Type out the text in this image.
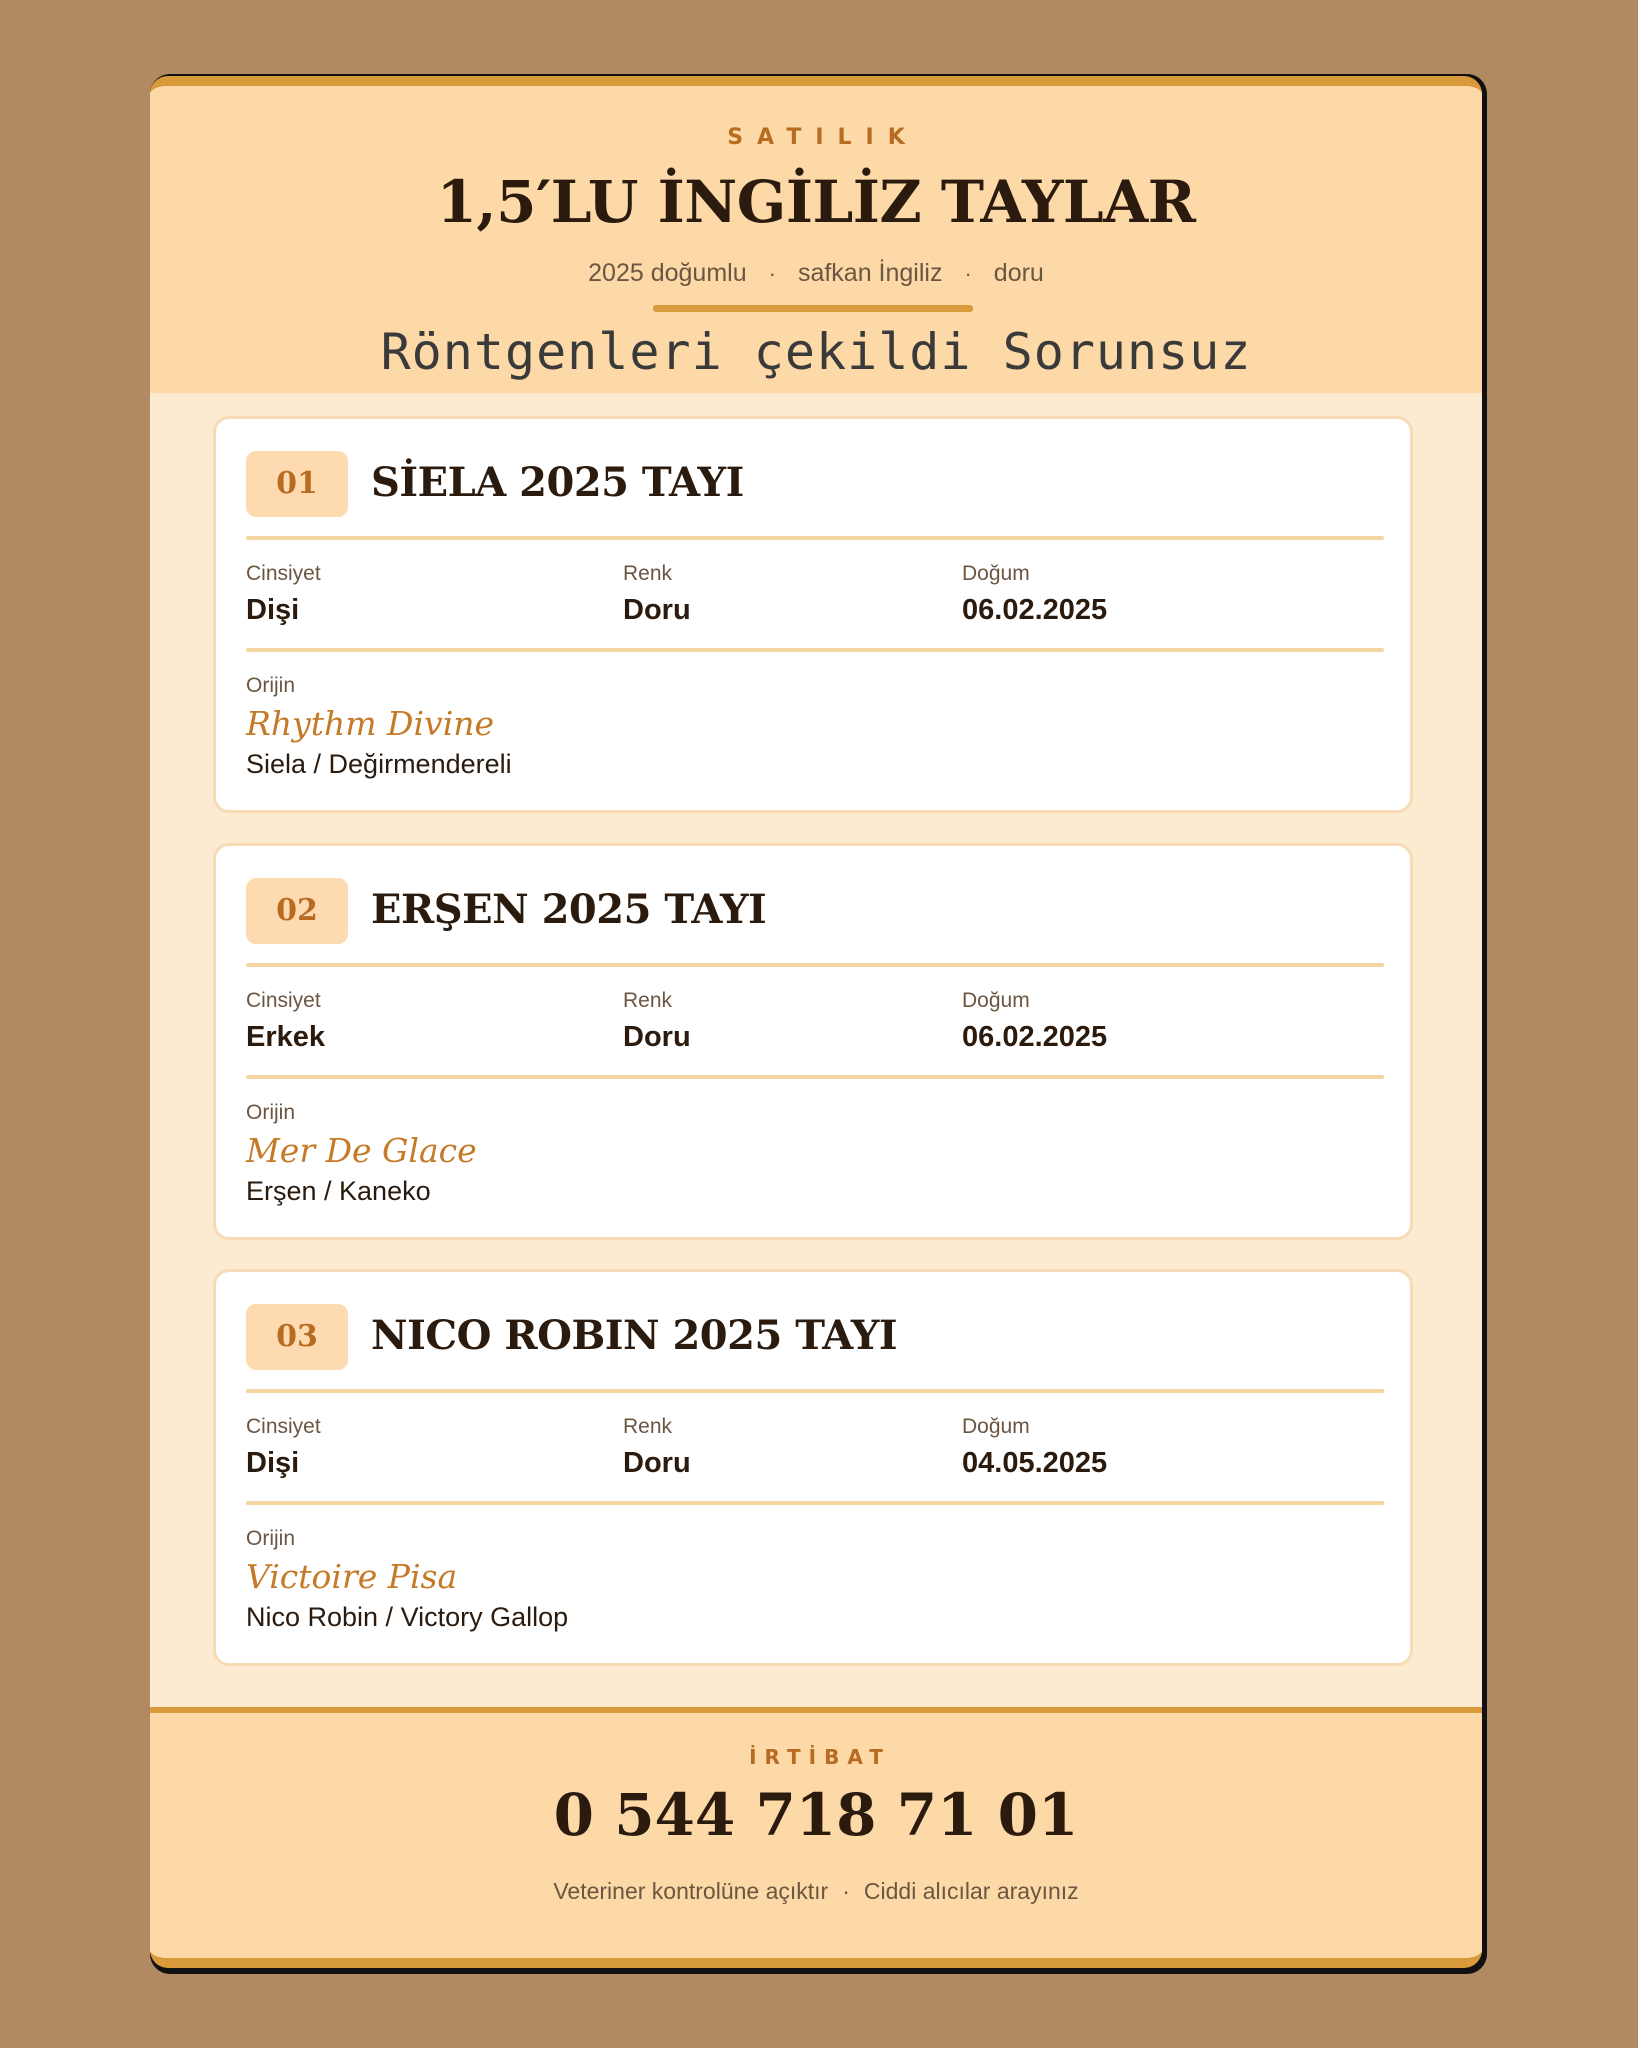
SATILIK
1,5′LU İNGİLİZ TAYLAR
2025 doğumlu · safkan İngiliz · doru
Röntgenleri çekildi Sorunsuz
01	SİELA 2025 TAYI
Cinsiyet
Dişi
Renk
Doru
Doğum
06.02.2025
Orijin
Rhythm Divine
Siela / Değirmendereli
02	ERŞEN 2025 TAYI
Cinsiyet
Erkek
Renk
Doru
Doğum
06.02.2025
Orijin
Mer De Glace
Erşen / Kaneko
03	NICO ROBIN 2025 TAYI
Cinsiyet
Dişi
Renk
Doru
Doğum
04.05.2025
Orijin
Victoire Pisa
Nico Robin / Victory Gallop
İRTİBAT
0 544 718 71 01
Veteriner kontrolüne açıktır · Ciddi alıcılar arayınız
